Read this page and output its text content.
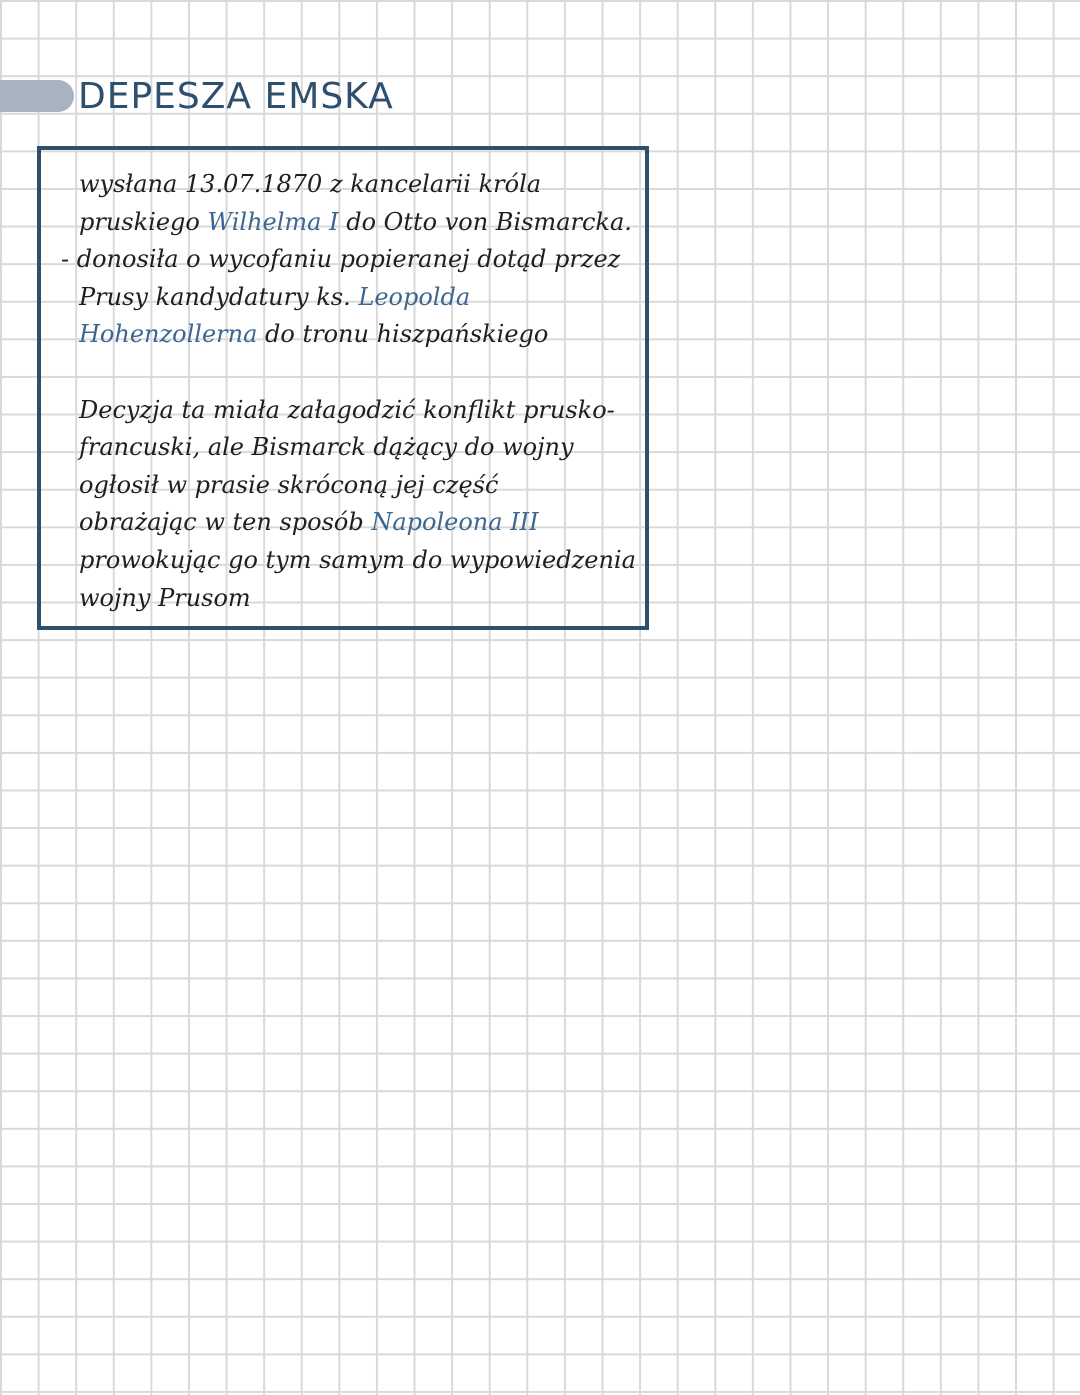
DEPESZA EMSKA
wysłana 13.07.1870 z kancelarii króla
pruskiego Wilhelma I do Otto von Bismarcka.
- donosiła o wycofaniu popieranej dotąd przez
Prusy kandydatury ks. Leopolda
Hohenzollerna do tronu hiszpańskiego
Decyzja ta miała załagodzić konflikt prusko-
francuski, ale Bismarck dążący do wojny
ogłosił w prasie skróconą jej część
obrażając w ten sposób Napoleona III
prowokując go tym samym do wypowiedzenia
wojny Prusom
